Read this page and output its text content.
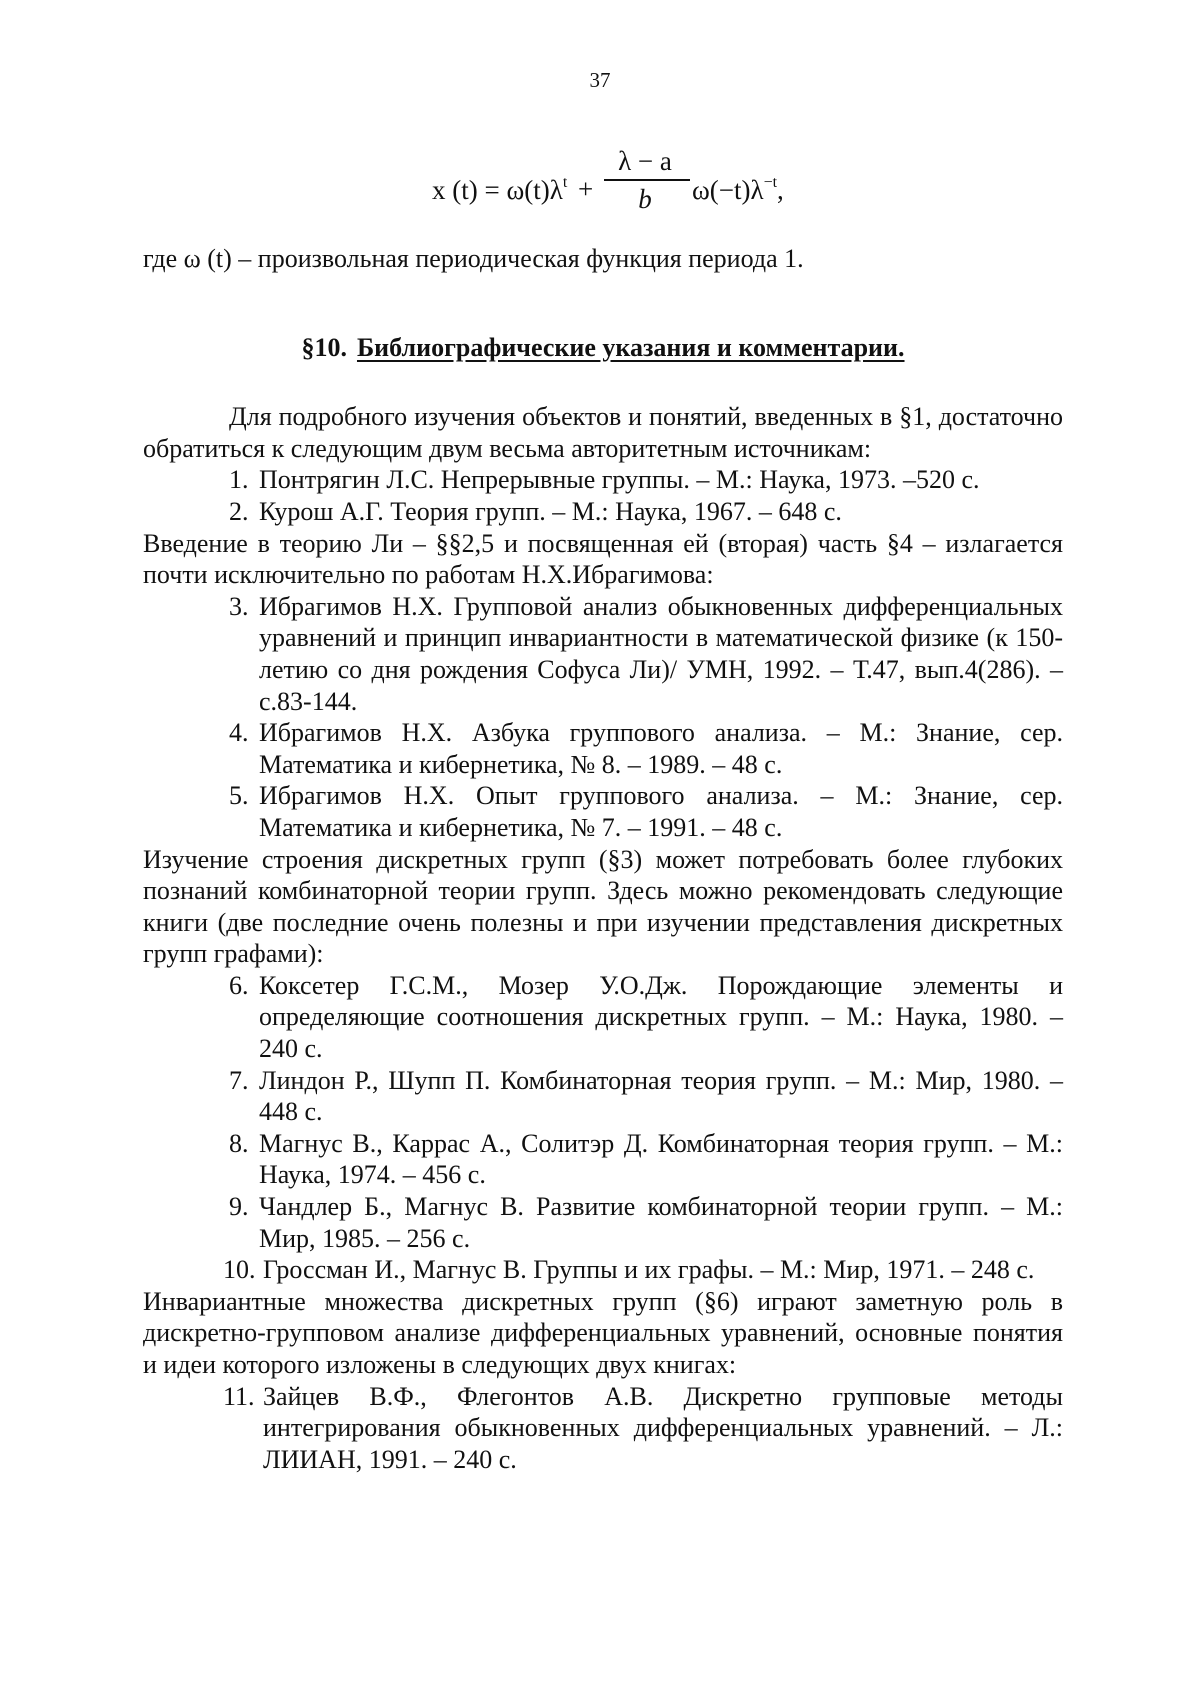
37
x $(t) = \omega(t)\lambda^t$ +
λ − a
b	$\omega(-t)\lambda^{-t}$,
где ω (t) – произвольная периодическая функция периода 1.
§10. Библиографические указания и комментарии.
Для подробного изучения объектов и понятий, введенных в §1, достаточно обратиться к следующим двум весьма авторитетным источникам:
1. Понтрягин Л.С. Непрерывные группы. – М.: Наука, 1973. –520 с.
2. Курош А.Г. Теория групп. – М.: Наука, 1967. – 648 с.
Введение в теорию Ли – §§2,5 и посвященная ей (вторая) часть §4 – излагается почти исключительно по работам Н.Х.Ибрагимова:
3. Ибрагимов Н.Х. Групповой анализ обыкновенных дифференциальных уравнений и принцип инвариантности в математической физике (к 150-летию со дня рождения Софуса Ли)/ УМН, 1992. – Т.47, вып.4(286). – с.83-144.
4. Ибрагимов Н.Х. Азбука группового анализа. – М.: Знание, сер. Математика и кибернетика, № 8. – 1989. – 48 с.
5. Ибрагимов Н.Х. Опыт группового анализа. – М.: Знание, сер. Математика и кибернетика, № 7. – 1991. – 48 с.
Изучение строения дискретных групп (§3) может потребовать более глубоких познаний комбинаторной теории групп. Здесь можно рекомендовать следующие книги (две последние очень полезны и при изучении представления дискретных групп графами):
6. Коксетер Г.С.М., Мозер У.О.Дж. Порождающие элементы и определяющие соотношения дискретных групп. – М.: Наука, 1980. – 240 с.
7. Линдон Р., Шупп П. Комбинаторная теория групп. – М.: Мир, 1980. – 448 с.
8. Магнус В., Каррас А., Солитэр Д. Комбинаторная теория групп. – М.: Наука, 1974. – 456 с.
9. Чандлер Б., Магнус В. Развитие комбинаторной теории групп. – М.: Мир, 1985. – 256 с.
10. Гроссман И., Магнус В. Группы и их графы. – М.: Мир, 1971. – 248 с.
Инвариантные множества дискретных групп (§6) играют заметную роль в дискретно-групповом анализе дифференциальных уравнений, основные понятия и идеи которого изложены в следующих двух книгах:
11. Зайцев В.Ф., Флегонтов А.В. Дискретно групповые методы интегрирования обыкновенных дифференциальных уравнений. – Л.: ЛИИАН, 1991. – 240 с.
